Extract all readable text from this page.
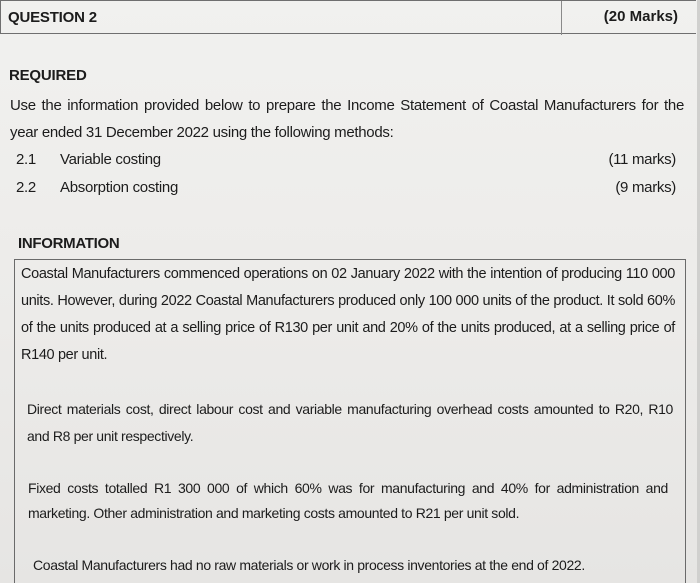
QUESTION 2	(20 Marks)
REQUIRED
Use the information provided below to prepare the Income Statement of Coastal Manufacturers for the year ended 31 December 2022 using the following methods:
2.1 Variable costing	(11 marks)
2.2 Absorption costing	(9 marks)
INFORMATION
Coastal Manufacturers commenced operations on 02 January 2022 with the intention of producing 110 000 units. However, during 2022 Coastal Manufacturers produced only 100 000 units of the product. It sold 60% of the units produced at a selling price of R130 per unit and 20% of the units produced, at a selling price of R140 per unit.
Direct materials cost, direct labour cost and variable manufacturing overhead costs amounted to R20, R10 and R8 per unit respectively.
Fixed costs totalled R1 300 000 of which 60% was for manufacturing and 40% for administration and marketing. Other administration and marketing costs amounted to R21 per unit sold.
Coastal Manufacturers had no raw materials or work in process inventories at the end of 2022.
